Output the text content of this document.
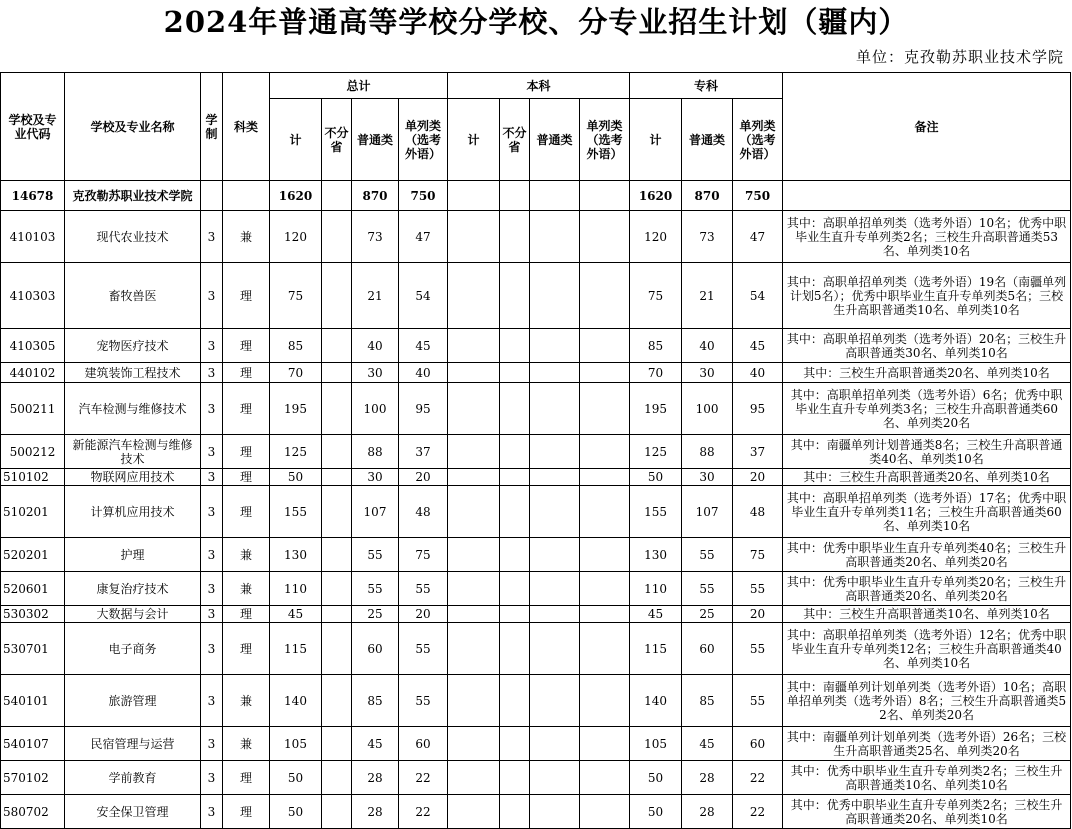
2024年普通高等学校分学校、分专业招生计划（疆内）
单位：克孜勒苏职业技术学院
学校及专业代码	学校及专业名称	学制	科类	总计				本科				专科			备注
				计	不分省	普通类	单列类（选考外语）	计	不分省	普通类	单列类（选考外语）	计	普通类	单列类（选考外语）	
14678	克孜勒苏职业技术学院			1620		870	750					1620	870	750	
410103	现代农业技术	3	兼	120		73	47					120	73	47	其中：高职单招单列类（选考外语）10名；优秀中职毕业生直升专单列类2名；三校生升高职普通类53名、单列类10名
410303	畜牧兽医	3	理	75		21	54					75	21	54	其中：高职单招单列类（选考外语）19名（南疆单列计划5名）；优秀中职毕业生直升专单列类5名；三校生升高职普通类10名、单列类10名
410305	宠物医疗技术	3	理	85		40	45					85	40	45	其中：高职单招单列类（选考外语）20名；三校生升高职普通类30名、单列类10名
440102	建筑装饰工程技术	3	理	70		30	40					70	30	40	其中：三校生升高职普通类20名、单列类10名
500211	汽车检测与维修技术	3	理	195		100	95					195	100	95	其中：高职单招单列类（选考外语）6名；优秀中职毕业生直升专单列类3名；三校生升高职普通类60名、单列类20名
500212	新能源汽车检测与维修技术	3	理	125		88	37					125	88	37	其中：南疆单列计划普通类8名；三校生升高职普通类40名、单列类10名
510102	物联网应用技术	3	理	50		30	20					50	30	20	其中：三校生升高职普通类20名、单列类10名
510201	计算机应用技术	3	理	155		107	48					155	107	48	其中：高职单招单列类（选考外语）17名；优秀中职毕业生直升专单列类11名；三校生升高职普通类60名、单列类10名
520201	护理	3	兼	130		55	75					130	55	75	其中：优秀中职毕业生直升专单列类40名；三校生升高职普通类20名、单列类20名
520601	康复治疗技术	3	兼	110		55	55					110	55	55	其中：优秀中职毕业生直升专单列类20名；三校生升高职普通类20名、单列类20名
530302	大数据与会计	3	理	45		25	20					45	25	20	其中：三校生升高职普通类10名、单列类10名
530701	电子商务	3	理	115		60	55					115	60	55	其中：高职单招单列类（选考外语）12名；优秀中职毕业生直升专单列类12名；三校生升高职普通类40名、单列类10名
540101	旅游管理	3	兼	140		85	55					140	85	55	其中：南疆单列计划单列类（选考外语）10名；高职单招单列类（选考外语）8名；三校生升高职普通类52名、单列类20名
540107	民宿管理与运营	3	兼	105		45	60					105	45	60	其中：南疆单列计划单列类（选考外语）26名；三校生升高职普通类25名、单列类20名
570102	学前教育	3	理	50		28	22					50	28	22	其中：优秀中职毕业生直升专单列类2名；三校生升高职普通类10名、单列类10名
580702	安全保卫管理	3	理	50		28	22					50	28	22	其中：优秀中职毕业生直升专单列类2名；三校生升高职普通类20名、单列类10名
